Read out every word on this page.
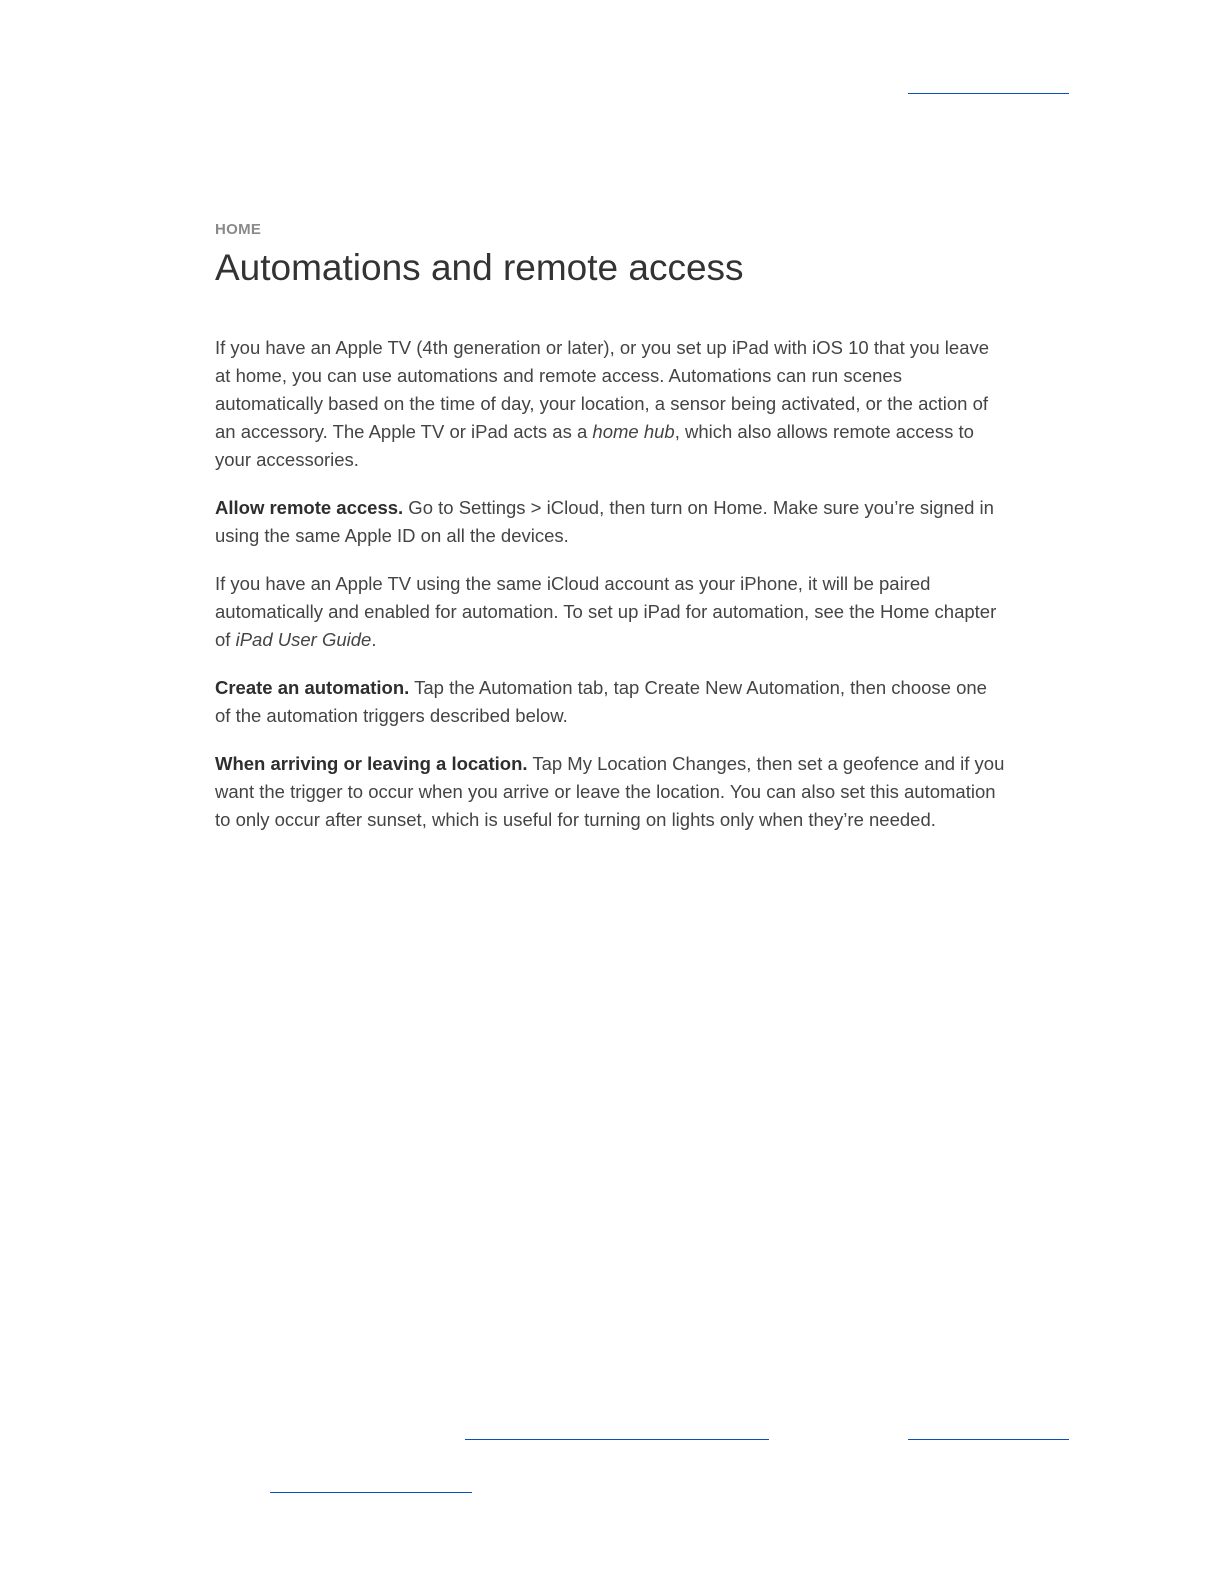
HOME

Automations and remote access

If you have an Apple TV (4th generation or later), or you set up iPad with iOS 10 that you leave at home, you can use automations and remote access. Automations can run scenes automatically based on the time of day, your location, a sensor being activated, or the action of an accessory. The Apple TV or iPad acts as a home hub, which also allows remote access to your accessories.

Allow remote access. Go to Settings > iCloud, then turn on Home. Make sure you’re signed in using the same Apple ID on all the devices.

If you have an Apple TV using the same iCloud account as your iPhone, it will be paired automatically and enabled for automation. To set up iPad for automation, see the Home chapter of iPad User Guide.

Create an automation. Tap the Automation tab, tap Create New Automation, then choose one of the automation triggers described below.

When arriving or leaving a location. Tap My Location Changes, then set a geofence and if you want the trigger to occur when you arrive or leave the location. You can also set this automation to only occur after sunset, which is useful for turning on lights only when they’re needed.
